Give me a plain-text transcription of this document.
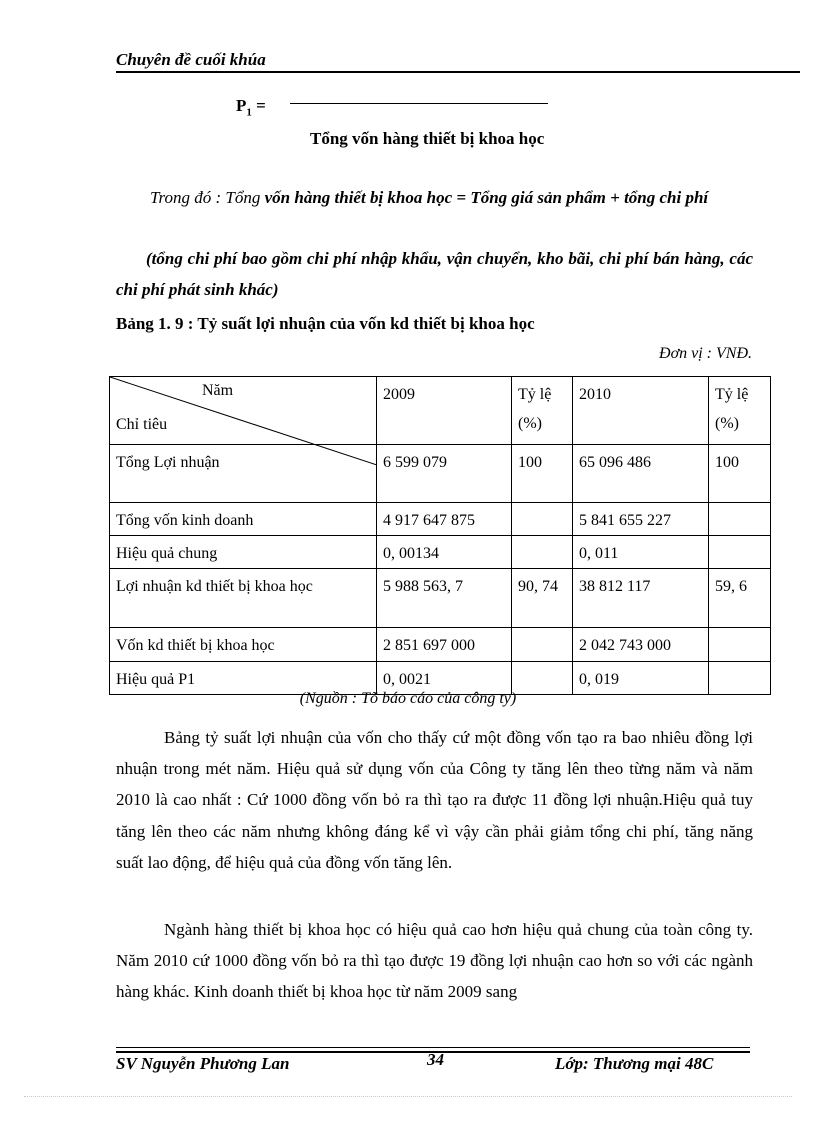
Chuyên đề cuối khúa
$P_1$ =
Tổng vốn hàng thiết bị khoa học
Trong đó : Tổng vốn hàng thiết bị khoa học = Tổng giá sản phẩm + tổng chi phí
(tổng chi phí bao gồm chi phí nhập khẩu, vận chuyển, kho bãi, chi phí bán hàng, các chi phí phát sinh khác)
Bảng 1. 9 : Tỷ suất lợi nhuận của vốn kd thiết bị khoa học
Đơn vị : VNĐ.
Năm
Chỉ tiêu	2009	Tỷ lệ (%)	2010	Tỷ lệ (%)
Tổng Lợi nhuận	6 599 079	100	65 096 486	100
Tổng vốn kinh doanh	4 917 647 875		5 841 655 227	
Hiệu quả chung	0, 00134		0, 011	
Lợi nhuận kd thiết bị khoa học	5 988 563, 7	90, 74	38 812 117	59, 6
Vốn kd thiết bị khoa học	2 851 697 000		2 042 743 000	
Hiệu quả P1	0, 0021		0, 019	
(Nguồn : Tõ báo cáo của công ty)
Bảng tỷ suất lợi nhuận của vốn cho thấy cứ một đồng vốn tạo ra bao nhiêu đồng lợi nhuận trong mét năm. Hiệu quả sử dụng vốn của Công ty tăng lên theo từng năm và năm 2010 là cao nhất : Cứ 1000 đồng vốn bỏ ra thì tạo ra được 11 đồng lợi nhuận.Hiệu quả tuy tăng lên theo các năm nhưng không đáng kể vì vậy cần phải giảm tổng chi phí, tăng năng suất lao động, để hiệu quả của đồng vốn tăng lên.
Ngành hàng thiết bị khoa học có hiệu quả cao hơn hiệu quả chung của toàn công ty. Năm 2010 cứ 1000 đồng vốn bỏ ra thì tạo được 19 đồng lợi nhuận cao hơn so với các ngành hàng khác. Kinh doanh thiết bị khoa học từ năm 2009 sang
SV Nguyễn Phương Lan	34	Lớp: Thương mại 48C
